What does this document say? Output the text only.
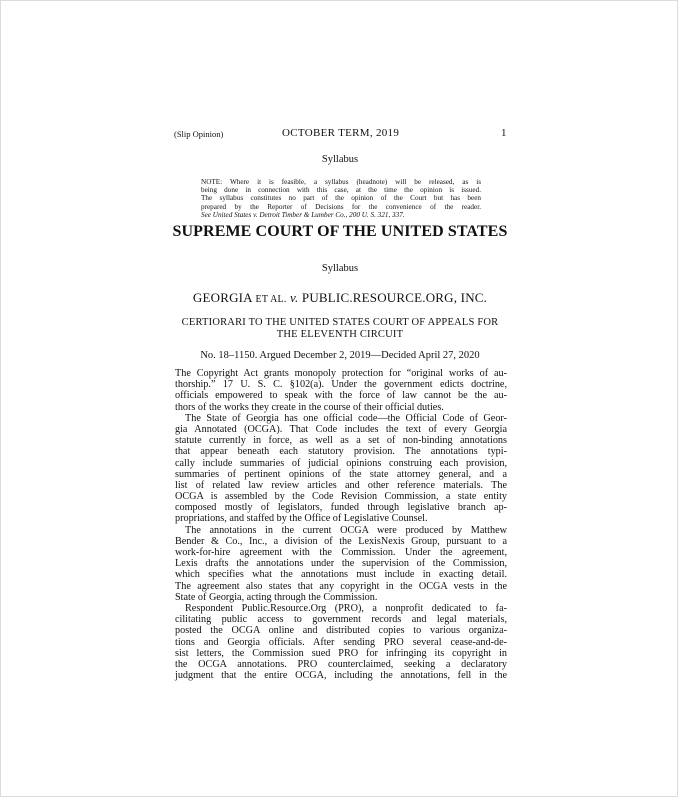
(Slip Opinion)	OCTOBER TERM, 2019	1
Syllabus
NOTE: Where it is feasible, a syllabus (headnote) will be released, as is
being done in connection with this case, at the time the opinion is issued.
The syllabus constitutes no part of the opinion of the Court but has been
prepared by the Reporter of Decisions for the convenience of the reader.
See United States v. Detroit Timber & Lumber Co., 200 U. S. 321, 337.
SUPREME COURT OF THE UNITED STATES
Syllabus
GEORGIA ET AL. v. PUBLIC.RESOURCE.ORG, INC.
CERTIORARI TO THE UNITED STATES COURT OF APPEALS FOR
THE ELEVENTH CIRCUIT
No. 18–1150. Argued December 2, 2019—Decided April 27, 2020
The Copyright Act grants monopoly protection for “original works of au-
thorship.” 17 U. S. C. §102(a). Under the government edicts doctrine,
officials empowered to speak with the force of law cannot be the au-
thors of the works they create in the course of their official duties.
The State of Georgia has one official code—the Official Code of Geor-
gia Annotated (OCGA). That Code includes the text of every Georgia
statute currently in force, as well as a set of non-binding annotations
that appear beneath each statutory provision. The annotations typi-
cally include summaries of judicial opinions construing each provision,
summaries of pertinent opinions of the state attorney general, and a
list of related law review articles and other reference materials. The
OCGA is assembled by the Code Revision Commission, a state entity
composed mostly of legislators, funded through legislative branch ap-
propriations, and staffed by the Office of Legislative Counsel.
The annotations in the current OCGA were produced by Matthew
Bender & Co., Inc., a division of the LexisNexis Group, pursuant to a
work-for-hire agreement with the Commission. Under the agreement,
Lexis drafts the annotations under the supervision of the Commission,
which specifies what the annotations must include in exacting detail.
The agreement also states that any copyright in the OCGA vests in the
State of Georgia, acting through the Commission.
Respondent Public.Resource.Org (PRO), a nonprofit dedicated to fa-
cilitating public access to government records and legal materials,
posted the OCGA online and distributed copies to various organiza-
tions and Georgia officials. After sending PRO several cease-and-de-
sist letters, the Commission sued PRO for infringing its copyright in
the OCGA annotations. PRO counterclaimed, seeking a declaratory
judgment that the entire OCGA, including the annotations, fell in the
